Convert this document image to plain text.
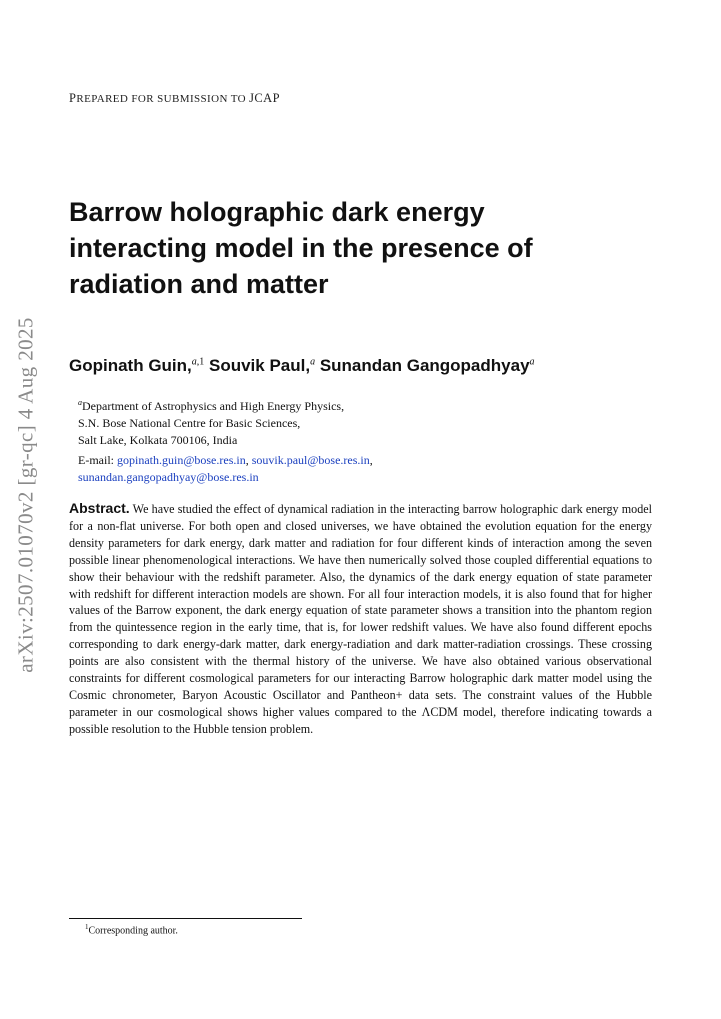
arXiv:2507.01070v2 [gr-qc] 4 Aug 2025
PREPARED FOR SUBMISSION TO JCAP
Barrow holographic dark energy interacting model in the presence of radiation and matter
Gopinath Guin,$^{a,1}$ Souvik Paul,$^a$ Sunandan Gangopadhyay$^a$
$^a$Department of Astrophysics and High Energy Physics,
S.N. Bose National Centre for Basic Sciences,
Salt Lake, Kolkata 700106, India
E-mail: gopinath.guin@bose.res.in, souvik.paul@bose.res.in,
sunandan.gangopadhyay@bose.res.in
Abstract. We have studied the effect of dynamical radiation in the interacting barrow holographic dark energy model for a non-flat universe. For both open and closed universes, we have obtained the evolution equation for the energy density parameters for dark energy, dark matter and radiation for four different kinds of interaction among the seven possible linear phenomenological interactions. We have then numerically solved those coupled differential equations to show their behaviour with the redshift parameter. Also, the dynamics of the dark energy equation of state parameter with redshift for different interaction models are shown. For all four interaction models, it is also found that for higher values of the Barrow exponent, the dark energy equation of state parameter shows a transition into the phantom region from the quintessence region in the early time, that is, for lower redshift values. We have also found different epochs corresponding to dark energy-dark matter, dark energy-radiation and dark matter-radiation crossings. These crossing points are also consistent with the thermal history of the universe. We have also obtained various observational constraints for different cosmological parameters for our interacting Barrow holographic dark matter model using the Cosmic chronometer, Baryon Acoustic Oscillator and Pantheon+ data sets. The constraint values of the Hubble parameter in our cosmological shows higher values compared to the ΛCDM model, therefore indicating towards a possible resolution to the Hubble tension problem.
$^1$Corresponding author.
